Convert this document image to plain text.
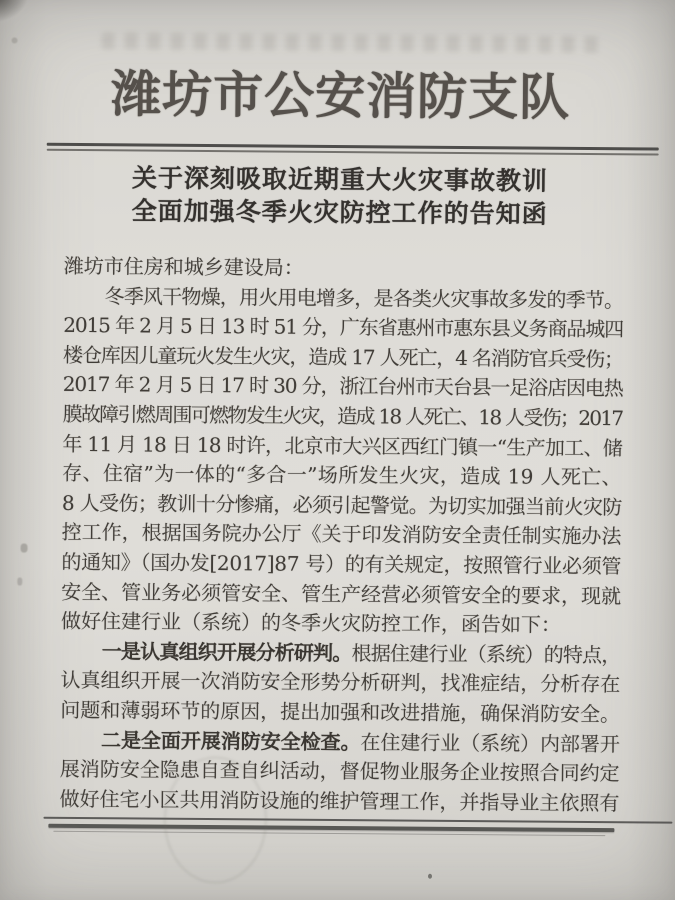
潍坊市公安消防支队
关于深刻吸取近期重大火灾事故教训
全面加强冬季火灾防控工作的告知函
潍坊市住房和城乡建设局：
冬季风干物燥，用火用电增多，是各类火灾事故多发的季节。
2015 年 2 月 5 日 13 时 51 分，广东省惠州市惠东县义务商品城四
楼仓库因儿童玩火发生火灾，造成 17 人死亡，4 名消防官兵受伤；
2017 年 2 月 5 日 17 时 30 分，浙江台州市天台县一足浴店因电热
膜故障引燃周围可燃物发生火灾，造成 18 人死亡、18 人受伤；2017
年 11 月 18 日 18 时许，北京市大兴区西红门镇一“生产加工、储
存、住宿”为一体的“多合一”场所发生火灾，造成 19 人死亡、
8 人受伤；教训十分惨痛，必须引起警觉。为切实加强当前火灾防
控工作，根据国务院办公厅《关于印发消防安全责任制实施办法
的通知》（国办发[2017]87 号）的有关规定，按照管行业必须管
安全、管业务必须管安全、管生产经营必须管安全的要求，现就
做好住建行业（系统）的冬季火灾防控工作，函告如下：
一是认真组织开展分析研判。根据住建行业（系统）的特点，
认真组织开展一次消防安全形势分析研判，找准症结，分析存在
问题和薄弱环节的原因，提出加强和改进措施，确保消防安全。
二是全面开展消防安全检查。在住建行业（系统）内部署开
展消防安全隐患自查自纠活动，督促物业服务企业按照合同约定
做好住宅小区共用消防设施的维护管理工作，并指导业主依照有
